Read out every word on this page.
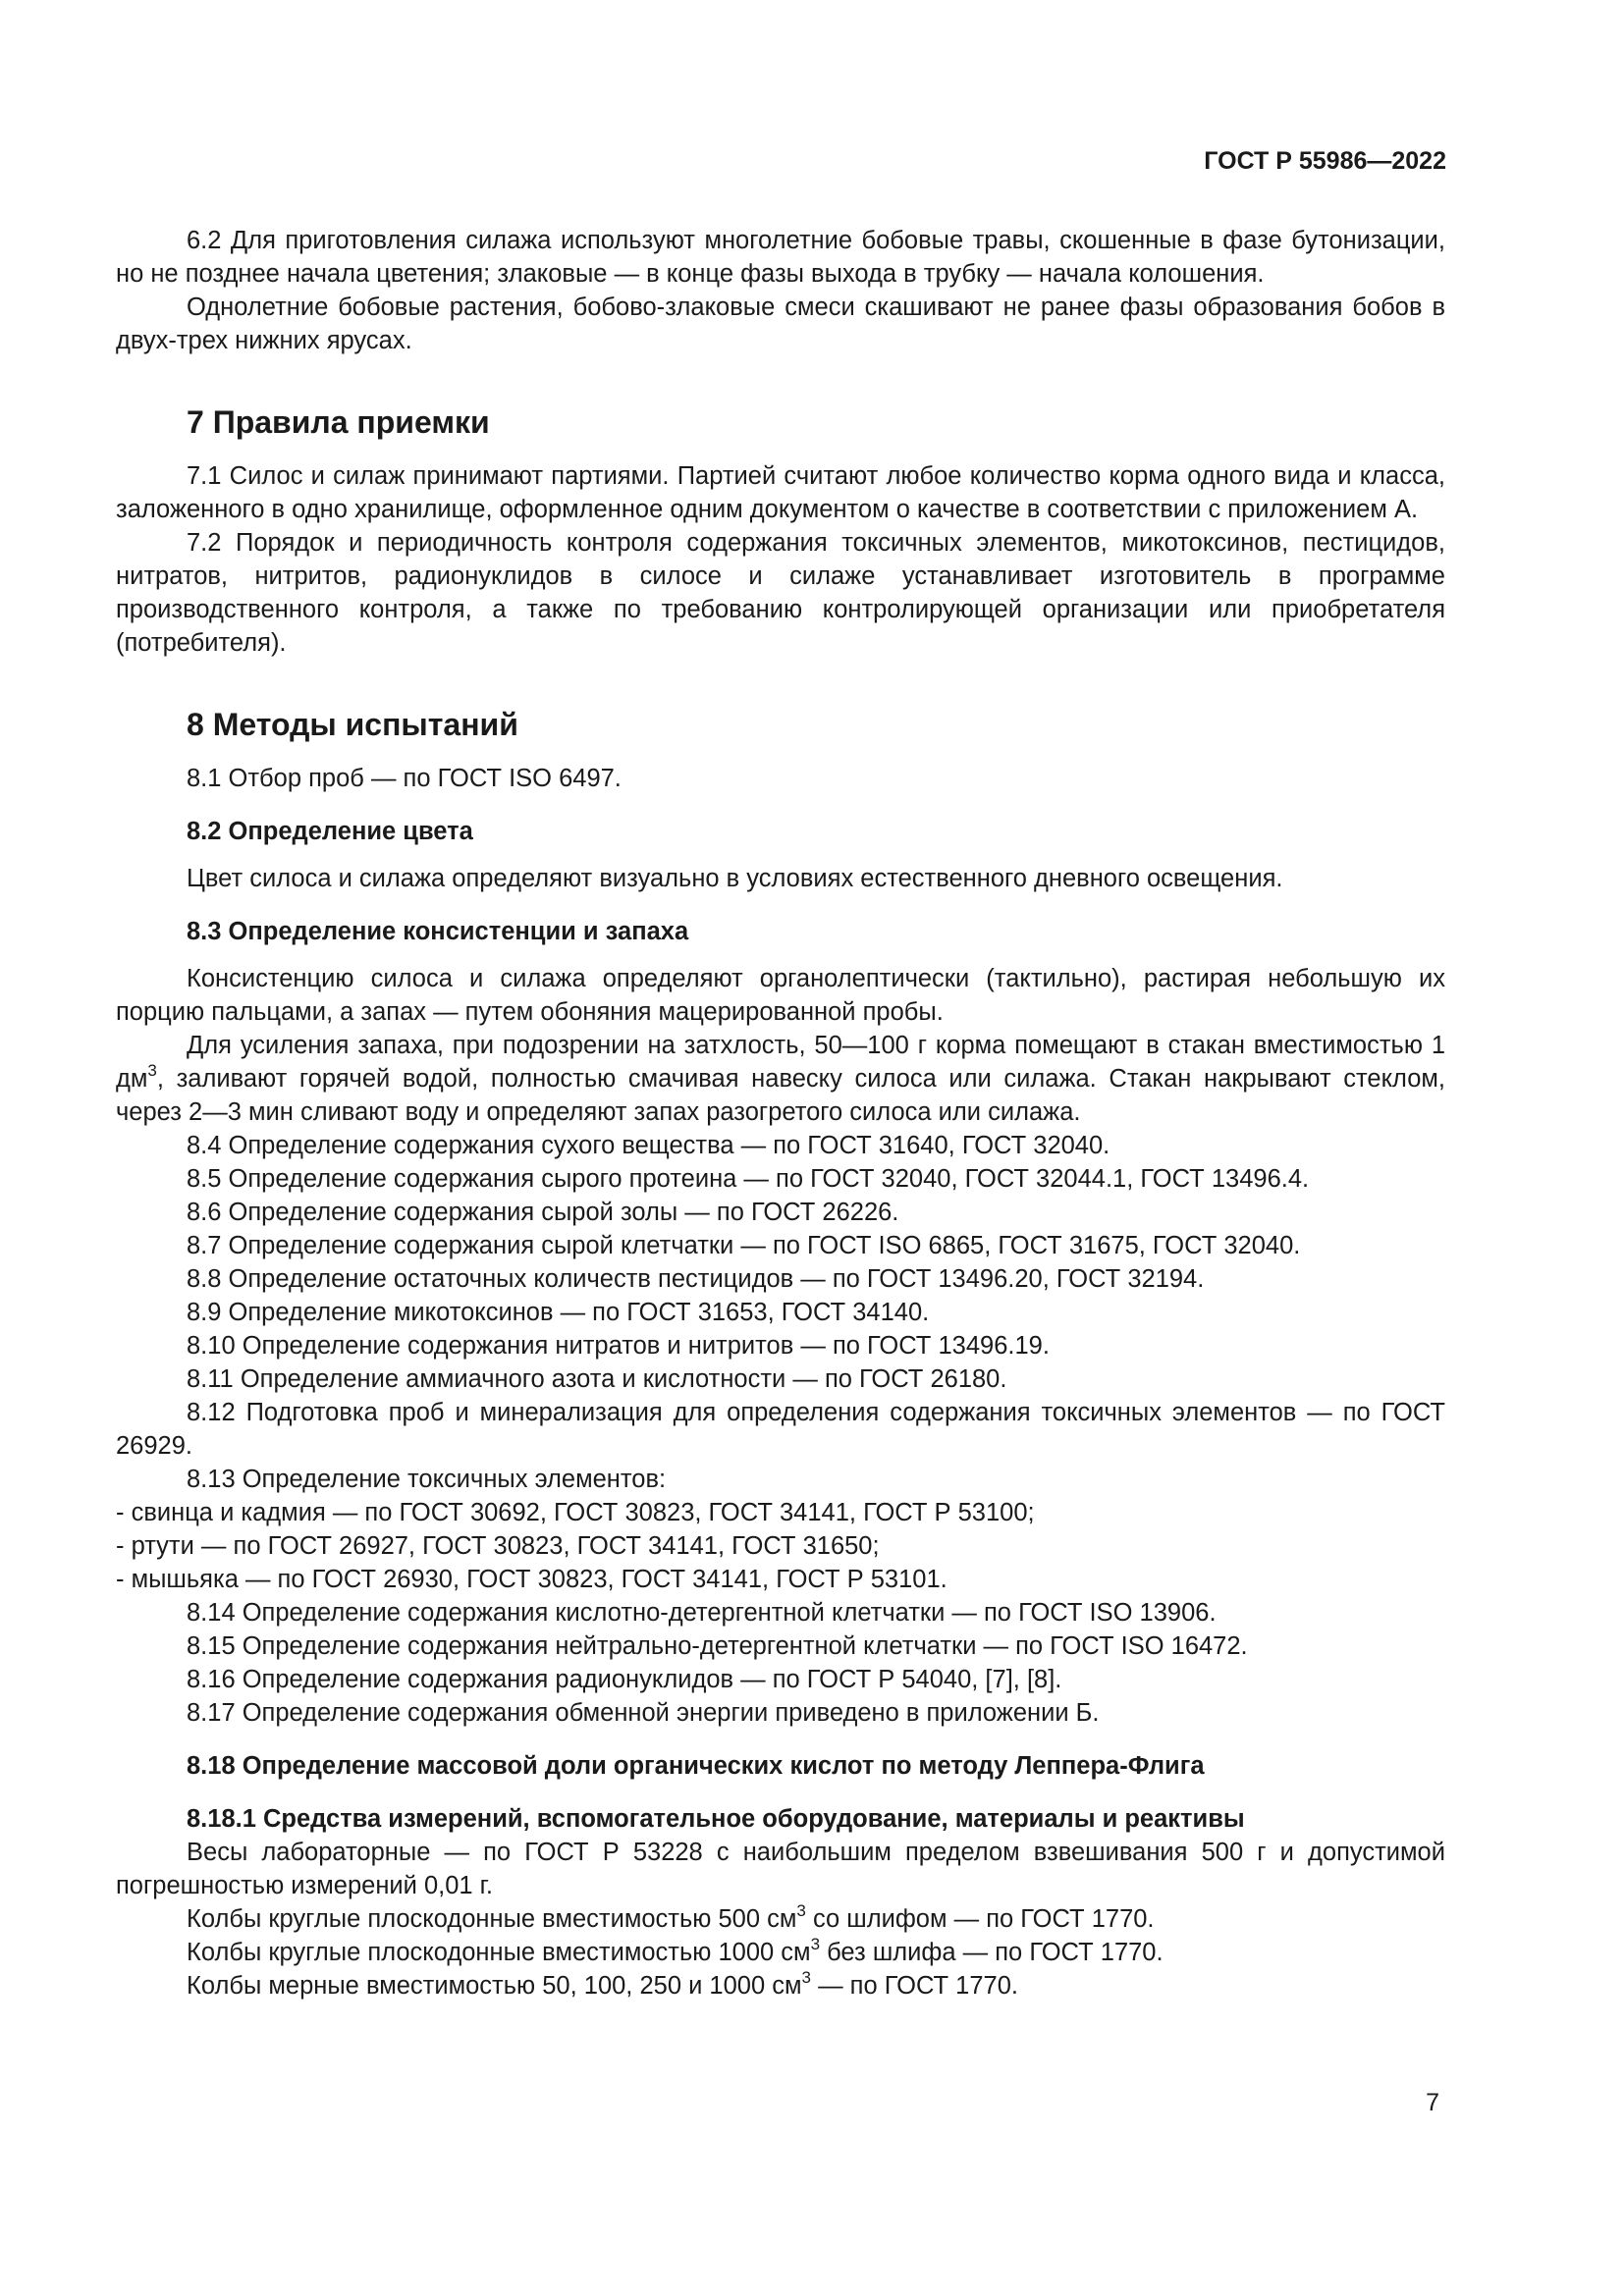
ГОСТ Р 55986—2022

6.2 Для приготовления силажа используют многолетние бобовые травы, скошенные в фазе бутонизации, но не позднее начала цветения; злаковые — в конце фазы выхода в трубку — начала колошения.

Однолетние бобовые растения, бобово-злаковые смеси скашивают не ранее фазы образования бобов в двух-трех нижних ярусах.

7 Правила приемки

7.1 Силос и силаж принимают партиями. Партией считают любое количество корма одного вида и класса, заложенного в одно хранилище, оформленное одним документом о качестве в соответствии с приложением А.

7.2 Порядок и периодичность контроля содержания токсичных элементов, микотоксинов, пестицидов, нитратов, нитритов, радионуклидов в силосе и силаже устанавливает изготовитель в программе производственного контроля, а также по требованию контролирующей организации или приобретателя (потребителя).

8 Методы испытаний

8.1 Отбор проб — по ГОСТ ISO 6497.

8.2 Определение цвета

Цвет силоса и силажа определяют визуально в условиях естественного дневного освещения.

8.3 Определение консистенции и запаха

Консистенцию силоса и силажа определяют органолептически (тактильно), растирая небольшую их порцию пальцами, а запах — путем обоняния мацерированной пробы.

Для усиления запаха, при подозрении на затхлость, 50—100 г корма помещают в стакан вместимостью 1 $дм^3$, заливают горячей водой, полностью смачивая навеску силоса или силажа. Стакан накрывают стеклом, через 2—3 мин сливают воду и определяют запах разогретого силоса или силажа.

8.4 Определение содержания сухого вещества — по ГОСТ 31640, ГОСТ 32040.

8.5 Определение содержания сырого протеина — по ГОСТ 32040, ГОСТ 32044.1, ГОСТ 13496.4.

8.6 Определение содержания сырой золы — по ГОСТ 26226.

8.7 Определение содержания сырой клетчатки — по ГОСТ ISO 6865, ГОСТ 31675, ГОСТ 32040.

8.8 Определение остаточных количеств пестицидов — по ГОСТ 13496.20, ГОСТ 32194.

8.9 Определение микотоксинов — по ГОСТ 31653, ГОСТ 34140.

8.10 Определение содержания нитратов и нитритов — по ГОСТ 13496.19.

8.11 Определение аммиачного азота и кислотности — по ГОСТ 26180.

8.12 Подготовка проб и минерализация для определения содержания токсичных элементов — по ГОСТ 26929.

8.13 Определение токсичных элементов:

- свинца и кадмия — по ГОСТ 30692, ГОСТ 30823, ГОСТ 34141, ГОСТ Р 53100;

- ртути — по ГОСТ 26927, ГОСТ 30823, ГОСТ 34141, ГОСТ 31650;

- мышьяка — по ГОСТ 26930, ГОСТ 30823, ГОСТ 34141, ГОСТ Р 53101.

8.14 Определение содержания кислотно-детергентной клетчатки — по ГОСТ ISO 13906.

8.15 Определение содержания нейтрально-детергентной клетчатки — по ГОСТ ISO 16472.

8.16 Определение содержания радионуклидов — по ГОСТ Р 54040, [7], [8].

8.17 Определение содержания обменной энергии приведено в приложении Б.

8.18 Определение массовой доли органических кислот по методу Леппера-Флига
8.18.1 Средства измерений, вспомогательное оборудование, материалы и реактивы

Весы лабораторные — по ГОСТ Р 53228 с наибольшим пределом взвешивания 500 г и допустимой погрешностью измерений 0,01 г.

Колбы круглые плоскодонные вместимостью 500 $см^3$ со шлифом — по ГОСТ 1770.

Колбы круглые плоскодонные вместимостью 1000 $см^3$ без шлифа — по ГОСТ 1770.

Колбы мерные вместимостью 50, 100, 250 и 1000 $см^3$ — по ГОСТ 1770.

7
